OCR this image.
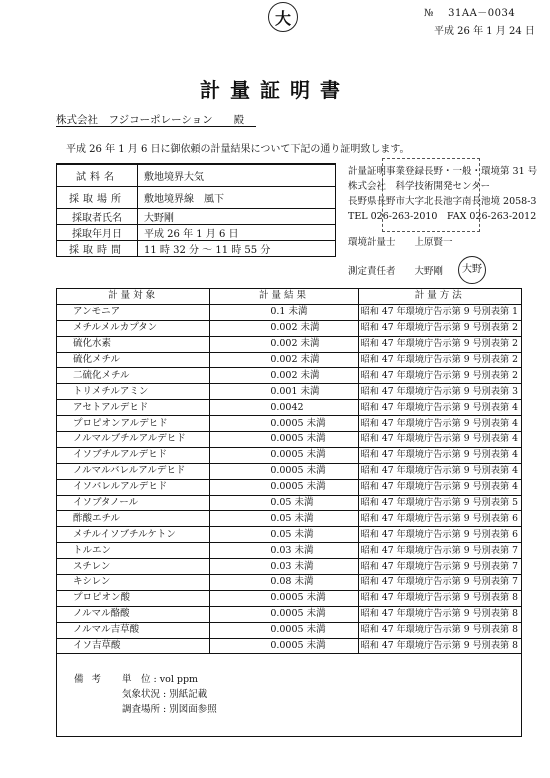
大	№　 31AA－0034
平成 26 年 1 月 24 日
計量証明書
株式会社　フジコーポレーション　　殿
平成 26 年 1 月 6 日に御依頼の計量結果について下記の通り証明致します。
試料名	敷地境界大気
採取場所	敷地境界線　風下
採取者氏名	大野剛
採取年月日	平成 26 年 1 月 6 日
採取時間	11 時 32 分 ～ 11 時 55 分
計量証明事業登録長野・一般・環境第 31 号
株式会社　科学技術開発センター
長野県長野市大字北長池字南長池境 2058-3
TEL 026-263-2010　FAX 026-263-2012
環境計量士　　上原賢一
測定責任者　　大野剛	大野
計量対象	計量結果	計量方法
アンモニア	0.1 未満	昭和 47 年環境庁告示第 9 号別表第 1
メチルメルカプタン	0.002 未満	昭和 47 年環境庁告示第 9 号別表第 2
硫化水素	0.002 未満	昭和 47 年環境庁告示第 9 号別表第 2
硫化メチル	0.002 未満	昭和 47 年環境庁告示第 9 号別表第 2
二硫化メチル	0.002 未満	昭和 47 年環境庁告示第 9 号別表第 2
トリメチルアミン	0.001 未満	昭和 47 年環境庁告示第 9 号別表第 3
アセトアルデヒド	0.0042	昭和 47 年環境庁告示第 9 号別表第 4
プロピオンアルデヒド	0.0005 未満	昭和 47 年環境庁告示第 9 号別表第 4
ノルマルブチルアルデヒド	0.0005 未満	昭和 47 年環境庁告示第 9 号別表第 4
イソブチルアルデヒド	0.0005 未満	昭和 47 年環境庁告示第 9 号別表第 4
ノルマルバレルアルデヒド	0.0005 未満	昭和 47 年環境庁告示第 9 号別表第 4
イソバレルアルデヒド	0.0005 未満	昭和 47 年環境庁告示第 9 号別表第 4
イソブタノール	0.05 未満	昭和 47 年環境庁告示第 9 号別表第 5
酢酸エチル	0.05 未満	昭和 47 年環境庁告示第 9 号別表第 6
メチルイソブチルケトン	0.05 未満	昭和 47 年環境庁告示第 9 号別表第 6
トルエン	0.03 未満	昭和 47 年環境庁告示第 9 号別表第 7
スチレン	0.03 未満	昭和 47 年環境庁告示第 9 号別表第 7
キシレン	0.08 未満	昭和 47 年環境庁告示第 9 号別表第 7
プロピオン酸	0.0005 未満	昭和 47 年環境庁告示第 9 号別表第 8
ノルマル酪酸	0.0005 未満	昭和 47 年環境庁告示第 9 号別表第 8
ノルマル吉草酸	0.0005 未満	昭和 47 年環境庁告示第 9 号別表第 8
イソ吉草酸	0.0005 未満	昭和 47 年環境庁告示第 9 号別表第 8

備考 単　位 : vol ppm
気象状況 : 別紙記載
調査場所 : 別図面参照
